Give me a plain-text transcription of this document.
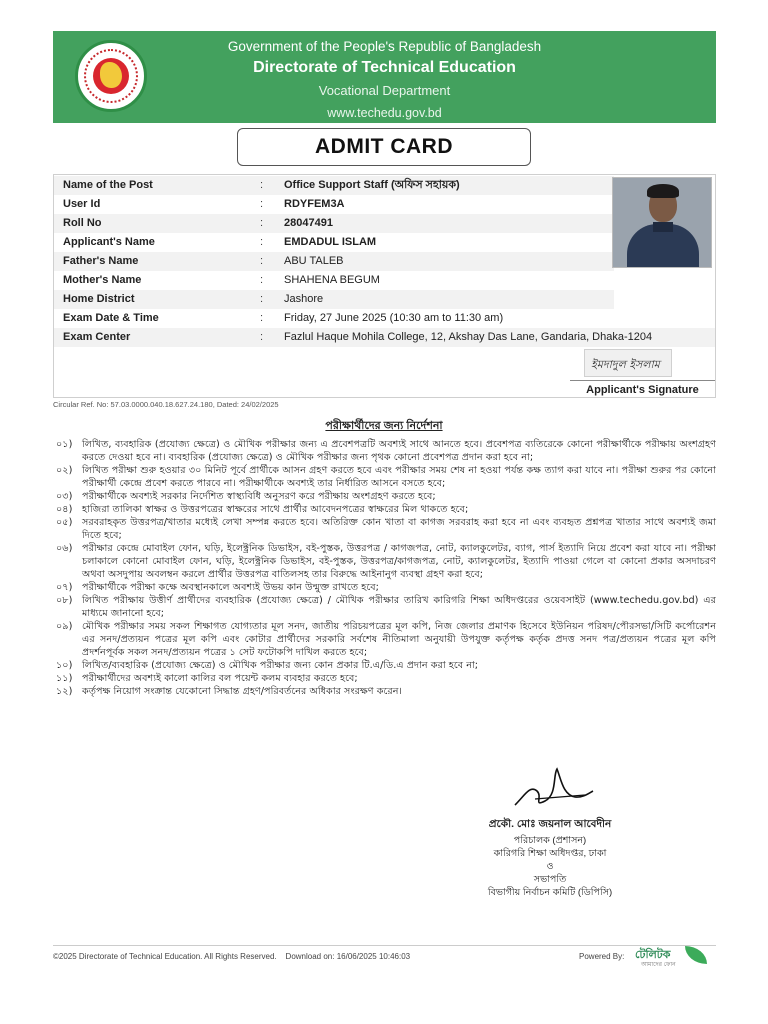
Government of the People's Republic of Bangladesh
Directorate of Technical Education
Vocational Department
www.techedu.gov.bd
ADMIT CARD
Name of the Post	: Office Support Staff (অফিস সহায়ক)
User Id	: RDYFEM3A
Roll No	: 28047491
Applicant's Name	: EMDADUL ISLAM
Father's Name	: ABU TALEB
Mother's Name	: SHAHENA BEGUM
Home District	: Jashore
Exam Date & Time	: Friday, 27 June 2025 (10:30 am to 11:30 am)
Exam Center	: Fazlul Haque Mohila College, 12, Akshay Das Lane, Gandaria, Dhaka-1204
ইমদাদুল ইসলাম
Applicant's Signature
Circular Ref. No: 57.03.0000.040.18.627.24.180, Dated: 24/02/2025
পরীক্ষার্থীদের জন্য নির্দেশনা
০১) লিখিত, ব্যবহারিক (প্রযোজ্য ক্ষেত্রে) ও মৌখিক পরীক্ষার জন্য এ প্রবেশপত্রটি অবশ্যই সাথে আনতে হবে। প্রবেশপত্র ব্যতিরেকে কোনো পরীক্ষার্থীকে পরীক্ষায় অংশগ্রহণ করতে দেওয়া হবে না। ব্যবহারিক (প্রযোজ্য ক্ষেত্রে) ও মৌখিক পরীক্ষার জন্য পৃথক কোনো প্রবেশপত্র প্রদান করা হবে না;
০২) লিখিত পরীক্ষা শুরু হওয়ার ৩০ মিনিট পূর্বে প্রার্থীকে আসন গ্রহণ করতে হবে এবং পরীক্ষার সময় শেষ না হওয়া পর্যন্ত কক্ষ ত্যাগ করা যাবে না। পরীক্ষা শুরুর পর কোনো পরীক্ষার্থী কেন্দ্রে প্রবেশ করতে পারবে না। পরীক্ষার্থীকে অবশ্যই তার নির্ধারিত আসনে বসতে হবে;
০৩) পরীক্ষার্থীকে অবশ্যই সরকার নির্দেশিত স্বাস্থ্যবিধি অনুসরণ করে পরীক্ষায় অংশগ্রহণ করতে হবে;
০৪) হাজিরা তালিকা স্বাক্ষর ও উত্তরপত্রের স্বাক্ষরের সাথে প্রার্থীর আবেদনপত্রের স্বাক্ষরের মিল থাকতে হবে;
০৫) সরবরাহকৃত উত্তরপত্র/খাতার মধ্যেই লেখা সম্পন্ন করতে হবে। অতিরিক্ত কোন খাতা বা কাগজ সরবরাহ করা হবে না এবং ব্যবহৃত প্রশ্নপত্র খাতার সাথে অবশ্যই জমা দিতে হবে;
০৬) পরীক্ষার কেন্দ্রে মোবাইল ফোন, ঘড়ি, ইলেক্ট্রনিক ডিভাইস, বই-পুস্তক, উত্তরপত্র / কাগজপত্র, নোট, ক্যালকুলেটর, ব্যাগ, পার্স ইত্যাদি নিয়ে প্রবেশ করা যাবে না। পরীক্ষা চলাকালে কোনো মোবাইল ফোন, ঘড়ি, ইলেক্ট্রনিক ডিভাইস, বই-পুস্তক, উত্তরপত্র/কাগজপত্র, নোট, ক্যালকুলেটর, ইত্যাদি পাওয়া গেলে বা কোনো প্রকার অসদাচরণ অথবা অসদুপায় অবলম্বন করলে প্রার্থীর উত্তরপত্র বাতিলসহ তার বিরুদ্ধে আইনানুগ ব্যবস্থা গ্রহণ করা হবে;
০৭) পরীক্ষার্থীকে পরীক্ষা কক্ষে অবস্থানকালে অবশ্যই উভয় কান উন্মুক্ত রাখতে হবে;
০৮) লিখিত পরীক্ষায় উত্তীর্ণ প্রার্থীদের ব্যবহারিক (প্রযোজ্য ক্ষেত্রে) / মৌখিক পরীক্ষার তারিখ কারিগরি শিক্ষা অধিদপ্তরের ওয়েবসাইট (www.techedu.gov.bd) এর মাধ্যমে জানানো হবে;
০৯) মৌখিক পরীক্ষার সময় সকল শিক্ষাগত যোগ্যতার মূল সনদ, জাতীয় পরিচয়পত্রের মূল কপি, নিজ জেলার প্রমাণক হিসেবে ইউনিয়ন পরিষদ/পৌরসভা/সিটি কর্পোরেশন এর সনদ/প্রত্যয়ন পত্রের মূল কপি এবং কোটার প্রার্থীদের সরকারি সর্বশেষ নীতিমালা অনুযায়ী উপযুক্ত কর্তৃপক্ষ কর্তৃক প্রদত্ত সনদ পত্র/প্রত্যয়ন পত্রের মূল কপি প্রদর্শনপূর্বক সকল সনদ/প্রত্যয়ন পত্রের ১ সেট ফটোকপি দাখিল করতে হবে;
১০) লিখিত/ব্যবহারিক (প্রযোজ্য ক্ষেত্রে) ও মৌখিক পরীক্ষার জন্য কোন প্রকার টি.এ/ডি.এ প্রদান করা হবে না;
১১) পরীক্ষার্থীদের অবশ্যই কালো কালির বল পয়েন্ট কলম ব্যবহার করতে হবে;
১২) কর্তৃপক্ষ নিয়োগ সংক্রান্ত যেকোনো সিদ্ধান্ত গ্রহণ/পরিবর্তনের অধিকার সংরক্ষণ করেন।
প্রকৌ. মোঃ জয়নাল আবেদীন
পরিচালক (প্রশাসন)
কারিগরি শিক্ষা অধিদপ্তর, ঢাকা
ও
সভাপতি
বিভাগীয় নির্বাচন কমিটি (ডিপিসি)
©2025 Directorate of Technical Education. All Rights Reserved. Download on: 16/06/2025 10:46:03	Powered By: টেলিটক
আমাদের ফোন
